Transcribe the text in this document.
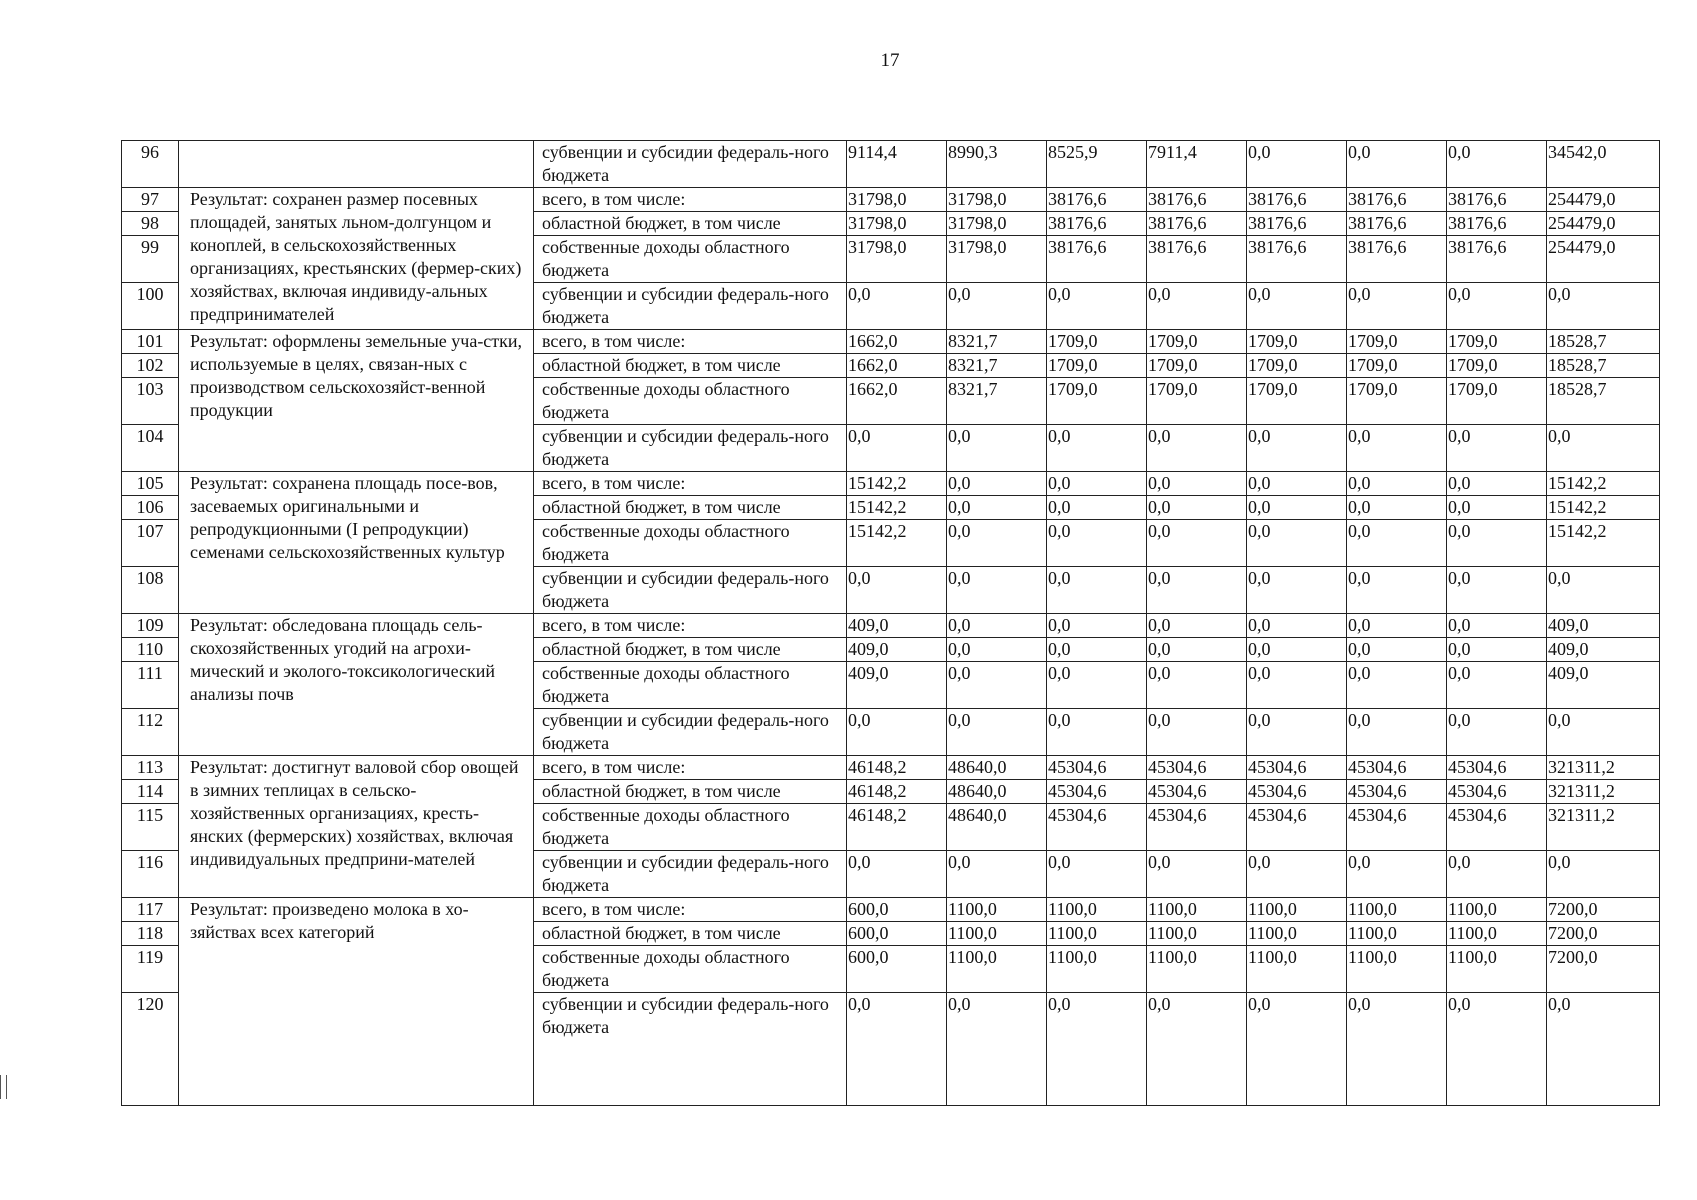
17
96		субвенции и субсидии федераль-ного бюджета	9114,4	8990,3	8525,9	7911,4	0,0	0,0	0,0	34542,0
97	Результат: сохранен размер посевных площадей, занятых льном-долгунцом и коноплей, в сельскохозяйственных организациях, крестьянских (фермер-ских) хозяйствах, включая индивиду-альных предпринимателей	всего, в том числе:	31798,0	31798,0	38176,6	38176,6	38176,6	38176,6	38176,6	254479,0
98		областной бюджет, в том числе	31798,0	31798,0	38176,6	38176,6	38176,6	38176,6	38176,6	254479,0
99		собственные доходы областного бюджета	31798,0	31798,0	38176,6	38176,6	38176,6	38176,6	38176,6	254479,0
100		субвенции и субсидии федераль-ного бюджета	0,0	0,0	0,0	0,0	0,0	0,0	0,0	0,0
101	Результат: оформлены земельные уча-стки, используемые в целях, связан-ных с производством сельскохозяйст-венной продукции	всего, в том числе:	1662,0	8321,7	1709,0	1709,0	1709,0	1709,0	1709,0	18528,7
102		областной бюджет, в том числе	1662,0	8321,7	1709,0	1709,0	1709,0	1709,0	1709,0	18528,7
103		собственные доходы областного бюджета	1662,0	8321,7	1709,0	1709,0	1709,0	1709,0	1709,0	18528,7
104		субвенции и субсидии федераль-ного бюджета	0,0	0,0	0,0	0,0	0,0	0,0	0,0	0,0
105	Результат: сохранена площадь посе-вов, засеваемых оригинальными и репродукционными (I репродукции) семенами сельскохозяйственных культур	всего, в том числе:	15142,2	0,0	0,0	0,0	0,0	0,0	0,0	15142,2
106		областной бюджет, в том числе	15142,2	0,0	0,0	0,0	0,0	0,0	0,0	15142,2
107		собственные доходы областного бюджета	15142,2	0,0	0,0	0,0	0,0	0,0	0,0	15142,2
108		субвенции и субсидии федераль-ного бюджета	0,0	0,0	0,0	0,0	0,0	0,0	0,0	0,0
109	Результат: обследована площадь сель-скохозяйственных угодий на агрохи-мический и эколого-токсикологический анализы почв	всего, в том числе:	409,0	0,0	0,0	0,0	0,0	0,0	0,0	409,0
110		областной бюджет, в том числе	409,0	0,0	0,0	0,0	0,0	0,0	0,0	409,0
111		собственные доходы областного бюджета	409,0	0,0	0,0	0,0	0,0	0,0	0,0	409,0
112		субвенции и субсидии федераль-ного бюджета	0,0	0,0	0,0	0,0	0,0	0,0	0,0	0,0
113	Результат: достигнут валовой сбор овощей в зимних теплицах в сельско-хозяйственных организациях, кресть-янских (фермерских) хозяйствах, включая индивидуальных предприни-мателей	всего, в том числе:	46148,2	48640,0	45304,6	45304,6	45304,6	45304,6	45304,6	321311,2
114		областной бюджет, в том числе	46148,2	48640,0	45304,6	45304,6	45304,6	45304,6	45304,6	321311,2
115		собственные доходы областного бюджета	46148,2	48640,0	45304,6	45304,6	45304,6	45304,6	45304,6	321311,2
116		субвенции и субсидии федераль-ного бюджета	0,0	0,0	0,0	0,0	0,0	0,0	0,0	0,0
117	Результат: произведено молока в хо-зяйствах всех категорий	всего, в том числе:	600,0	1100,0	1100,0	1100,0	1100,0	1100,0	1100,0	7200,0
118		областной бюджет, в том числе	600,0	1100,0	1100,0	1100,0	1100,0	1100,0	1100,0	7200,0
119		собственные доходы областного бюджета	600,0	1100,0	1100,0	1100,0	1100,0	1100,0	1100,0	7200,0
120		субвенции и субсидии федераль-ного бюджета	0,0	0,0	0,0	0,0	0,0	0,0	0,0	0,0
